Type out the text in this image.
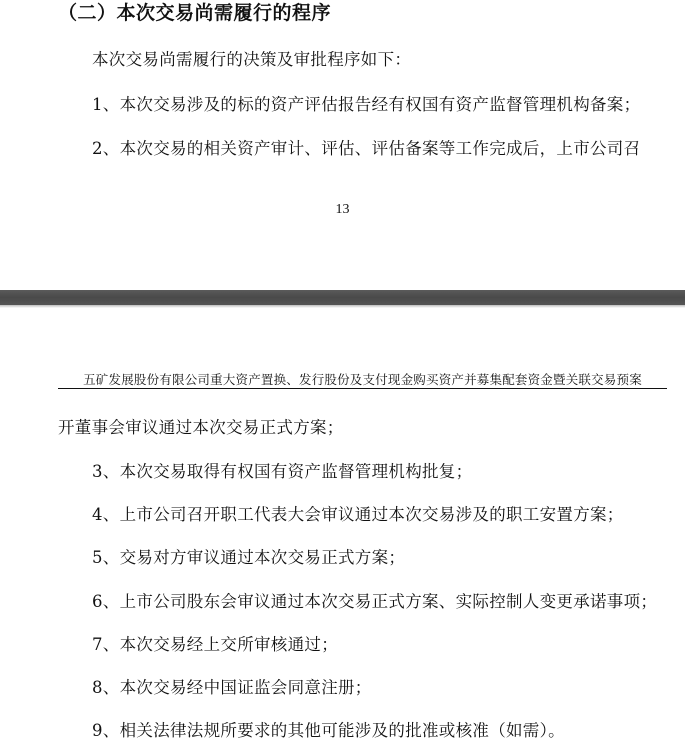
（二）本次交易尚需履行的程序

本次交易尚需履行的决策及审批程序如下：

1、本次交易涉及的标的资产评估报告经有权国有资产监督管理机构备案；

2、本次交易的相关资产审计、评估、评估备案等工作完成后，上市公司召

13
五矿发展股份有限公司重大资产置换、发行股份及支付现金购买资产并募集配套资金暨关联交易预案

开董事会审议通过本次交易正式方案；

3、本次交易取得有权国有资产监督管理机构批复；

4、上市公司召开职工代表大会审议通过本次交易涉及的职工安置方案；

5、交易对方审议通过本次交易正式方案；

6、上市公司股东会审议通过本次交易正式方案、实际控制人变更承诺事项；

7、本次交易经上交所审核通过；

8、本次交易经中国证监会同意注册；

9、相关法律法规所要求的其他可能涉及的批准或核准（如需）。
